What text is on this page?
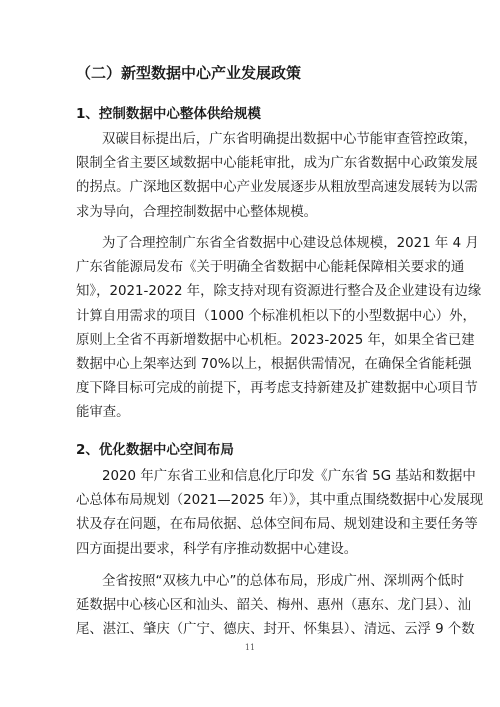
（二）新型数据中心产业发展政策
1、控制数据中心整体供给规模
双碳目标提出后，广东省明确提出数据中心节能审查管控政策，
限制全省主要区域数据中心能耗审批，成为广东省数据中心政策发展
的拐点。广深地区数据中心产业发展逐步从粗放型高速发展转为以需
求为导向，合理控制数据中心整体规模。
为了合理控制广东省全省数据中心建设总体规模，2021 年 4 月
广东省能源局发布《关于明确全省数据中心能耗保障相关要求的通
知》，2021-2022 年，除支持对现有资源进行整合及企业建设有边缘
计算自用需求的项目（1000 个标准机柜以下的小型数据中心）外，
原则上全省不再新增数据中心机柜。2023-2025 年，如果全省已建
数据中心上架率达到 70%以上，根据供需情况，在确保全省能耗强
度下降目标可完成的前提下，再考虑支持新建及扩建数据中心项目节
能审查。
2、优化数据中心空间布局
2020 年广东省工业和信息化厅印发《广东省 5G 基站和数据中
心总体布局规划（2021—2025 年）》，其中重点围绕数据中心发展现
状及存在问题，在布局依据、总体空间布局、规划建设和主要任务等
四方面提出要求，科学有序推动数据中心建设。
全省按照“双核九中心”的总体布局，形成广州、深圳两个低时
延数据中心核心区和汕头、韶关、梅州、惠州（惠东、龙门县）、汕
尾、湛江、肇庆（广宁、德庆、封开、怀集县）、清远、云浮 9 个数
11
